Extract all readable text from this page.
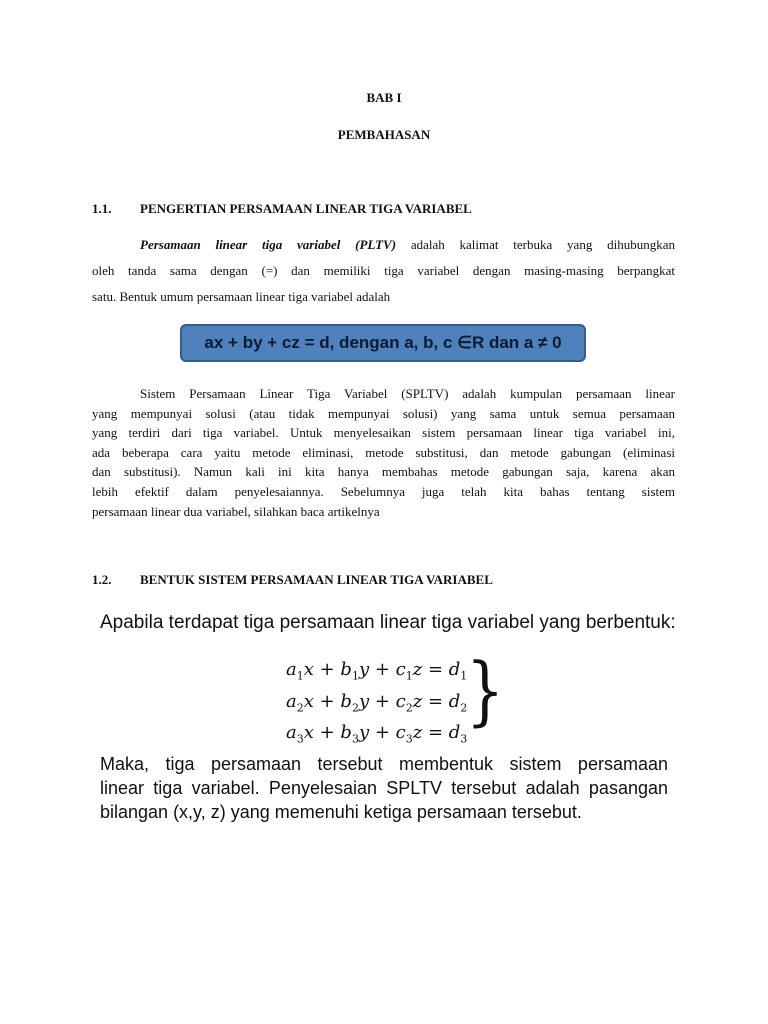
BAB I
PEMBAHASAN
1.1. PENGERTIAN PERSAMAAN LINEAR TIGA VARIABEL
Persamaan linear tiga variabel (PLTV) adalah kalimat terbuka yang dihubungkan
oleh tanda sama dengan (=) dan memiliki tiga variabel dengan masing-masing berpangkat
satu. Bentuk umum persamaan linear tiga variabel adalah
ax + by + cz = d, dengan a, b, c ∈R dan a ≠ 0
Sistem Persamaan Linear Tiga Variabel (SPLTV) adalah kumpulan persamaan linear
yang mempunyai solusi (atau tidak mempunyai solusi) yang sama untuk semua persamaan
yang terdiri dari tiga variabel. Untuk menyelesaikan sistem persamaan linear tiga variabel ini,
ada beberapa cara yaitu metode eliminasi, metode substitusi, dan metode gabungan (eliminasi
dan substitusi). Namun kali ini kita hanya membahas metode gabungan saja, karena akan
lebih efektif dalam penyelesaiannya. Sebelumnya juga telah kita bahas tentang sistem
persamaan linear dua variabel, silahkan baca artikelnya
1.2. BENTUK SISTEM PERSAMAAN LINEAR TIGA VARIABEL
Apabila terdapat tiga persamaan linear tiga variabel yang berbentuk:
$a_1x + b_1y + c_1z = d_1$
$a_2x + b_2y + c_2z = d_2$
$a_3x + b_3y + c_3z = d_3$
}
Maka, tiga persamaan tersebut membentuk sistem persamaan
linear tiga variabel. Penyelesaian SPLTV tersebut adalah pasangan
bilangan (x,y, z) yang memenuhi ketiga persamaan tersebut.
